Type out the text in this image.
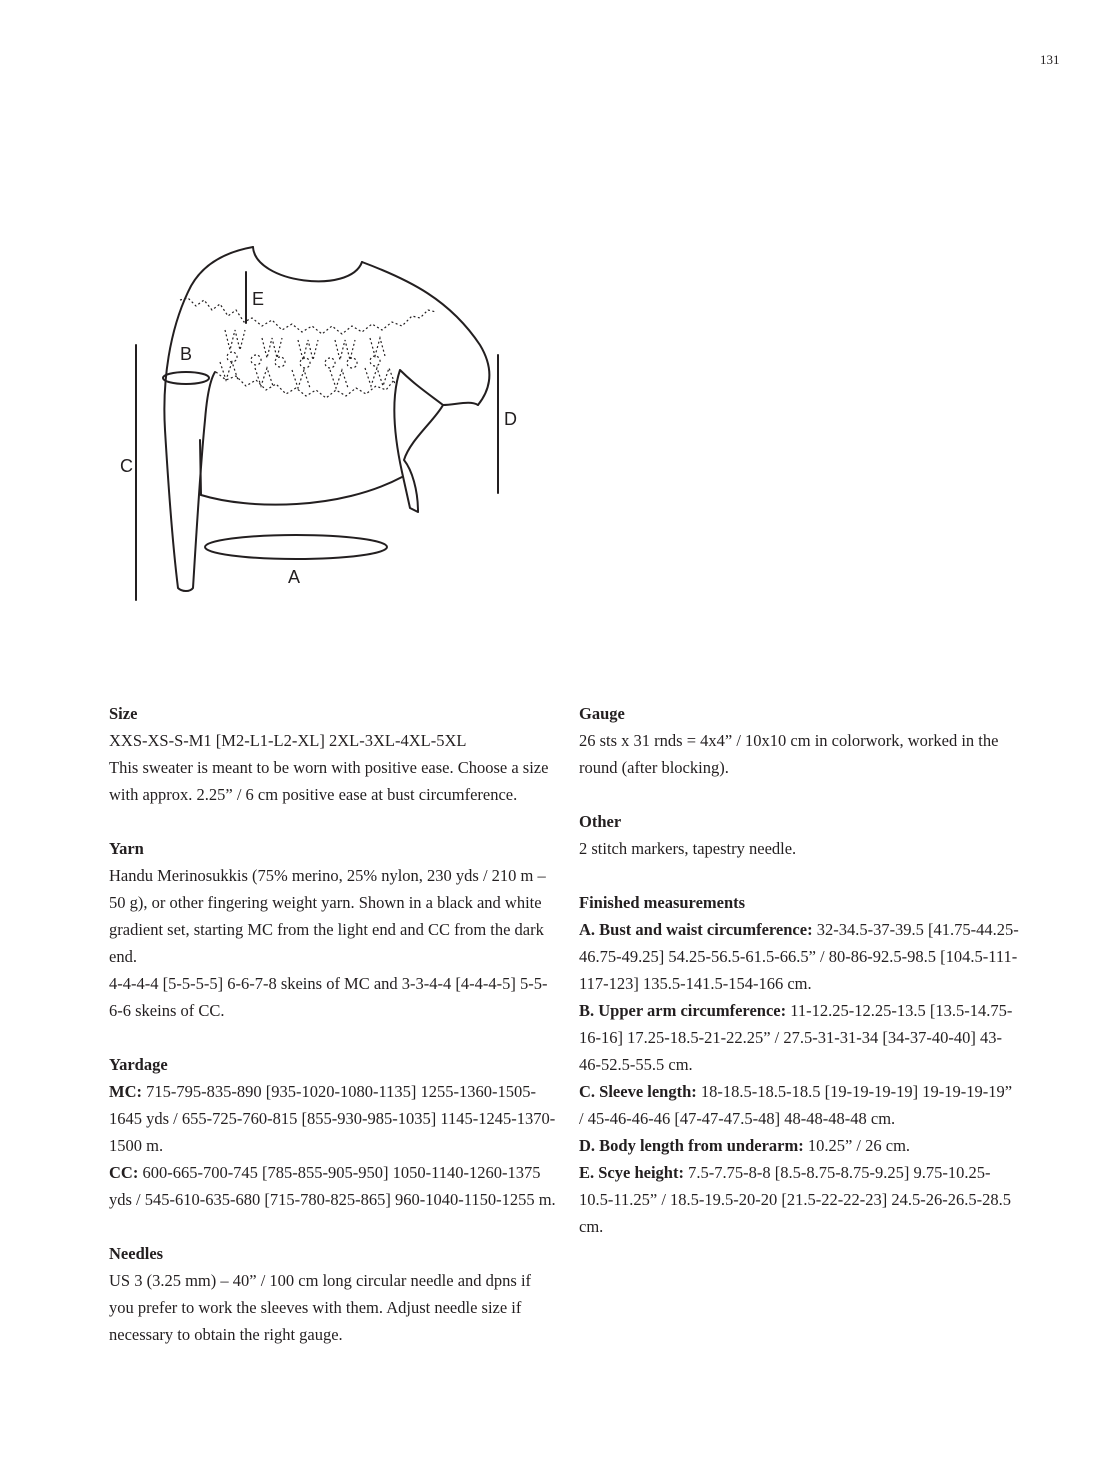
131
A
B
C
D
E
Size

XXS-XS-S-M1 [M2-L1-L2-XL] 2XL-3XL-4XL-5XL

This sweater is meant to be worn with positive ease. Choose a size with approx. 2.25” / 6 cm positive ease at bust circumference.

Yarn

Handu Merinosukkis (75% merino, 25% nylon, 230 yds / 210 m – 50 g), or other fingering weight yarn. Shown in a black and white gradient set, starting MC from the light end and CC from the dark end.

4-4-4-4 [5-5-5-5] 6-6-7-8 skeins of MC and 3-3-4-4 [4-4-4-5] 5-5-6-6 skeins of CC.

Yardage

MC: 715-795-835-890 [935-1020-1080-1135] 1255-1360-1505-1645 yds / 655-725-760-815 [855-930-985-1035] 1145-1245-1370-1500 m.

CC: 600-665-700-745 [785-855-905-950] 1050-1140-1260-1375 yds / 545-610-635-680 [715-780-825-865] 960-1040-1150-1255 m.

Needles

US 3 (3.25 mm) – 40” / 100 cm long circular needle and dpns if you prefer to work the sleeves with them. Adjust needle size if necessary to obtain the right gauge.

Gauge

26 sts x 31 rnds = 4x4” / 10x10 cm in colorwork, worked in the round (after blocking).

Other

2 stitch markers, tapestry needle.

Finished measurements

A. Bust and waist circumference: 32-34.5-37-39.5 [41.75-44.25-46.75-49.25] 54.25-56.5-61.5-66.5” / 80-86-92.5-98.5 [104.5-111-117-123] 135.5-141.5-154-166 cm.

B. Upper arm circumference: 11-12.25-12.25-13.5 [13.5-14.75-16-16] 17.25-18.5-21-22.25” / 27.5-31-31-34 [34-37-40-40] 43-46-52.5-55.5 cm.

C. Sleeve length: 18-18.5-18.5-18.5 [19-19-19-19] 19-19-19-19” / 45-46-46-46 [47-47-47.5-48] 48-48-48-48 cm.

D. Body length from underarm: 10.25” / 26 cm.

E. Scye height: 7.5-7.75-8-8 [8.5-8.75-8.75-9.25] 9.75-10.25-10.5-11.25” / 18.5-19.5-20-20 [21.5-22-22-23] 24.5-26-26.5-28.5 cm.
